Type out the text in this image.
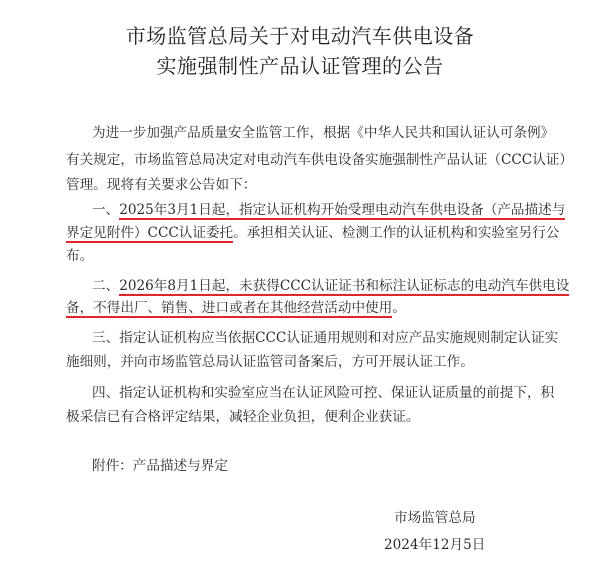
市场监管总局关于对电动汽车供电设备
实施强制性产品认证管理的公告
为进一步加强产品质量安全监管工作，根据《中华人民共和国认证认可条例》
有关规定，市场监管总局决定对电动汽车供电设备实施强制性产品认证（CCC认证）
管理。现将有关要求公告如下：
一、2025年3月1日起，指定认证机构开始受理电动汽车供电设备（产品描述与
界定见附件）CCC认证委托。承担相关认证、检测工作的认证机构和实验室另行公
布。
二、2026年8月1日起，未获得CCC认证证书和标注认证标志的电动汽车供电设
备，不得出厂、销售、进口或者在其他经营活动中使用。
三、指定认证机构应当依据CCC认证通用规则和对应产品实施规则制定认证实
施细则，并向市场监管总局认证监管司备案后，方可开展认证工作。
四、指定认证机构和实验室应当在认证风险可控、保证认证质量的前提下，积
极采信已有合格评定结果，减轻企业负担，便利企业获证。
附件：产品描述与界定
市场监管总局
2024年12月5日
